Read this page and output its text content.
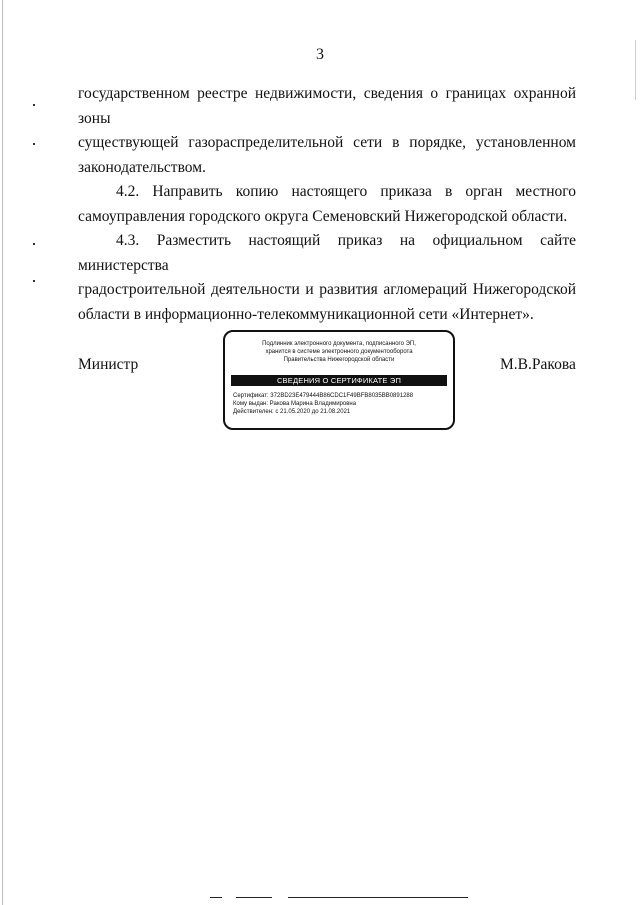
3

государственном реестре недвижимости, сведения о границах охранной зоны
существующей газораспределительной сети в порядке, установленном
законодательством.

4.2. Направить копию настоящего приказа в орган местного
самоуправления городского округа Семеновский Нижегородской области.

4.3. Разместить настоящий приказ на официальном сайте министерства
градостроительной деятельности и развития агломераций Нижегородской
области в информационно-телекоммуникационной сети «Интернет».

Министр	М.В.Ракова
Подлинник электронного документа, подписанного ЭП,
хранится в системе электронного документооборота
Правительства Нижегородской области
СВЕДЕНИЯ О СЕРТИФИКАТЕ ЭП
Сертификат: 372BD23E479444B86CDC1F49BFB8035BB0891288
Кому выдан: Ракова Марина Владимировна
Действителен: с 21.05.2020 до 21.08.2021
